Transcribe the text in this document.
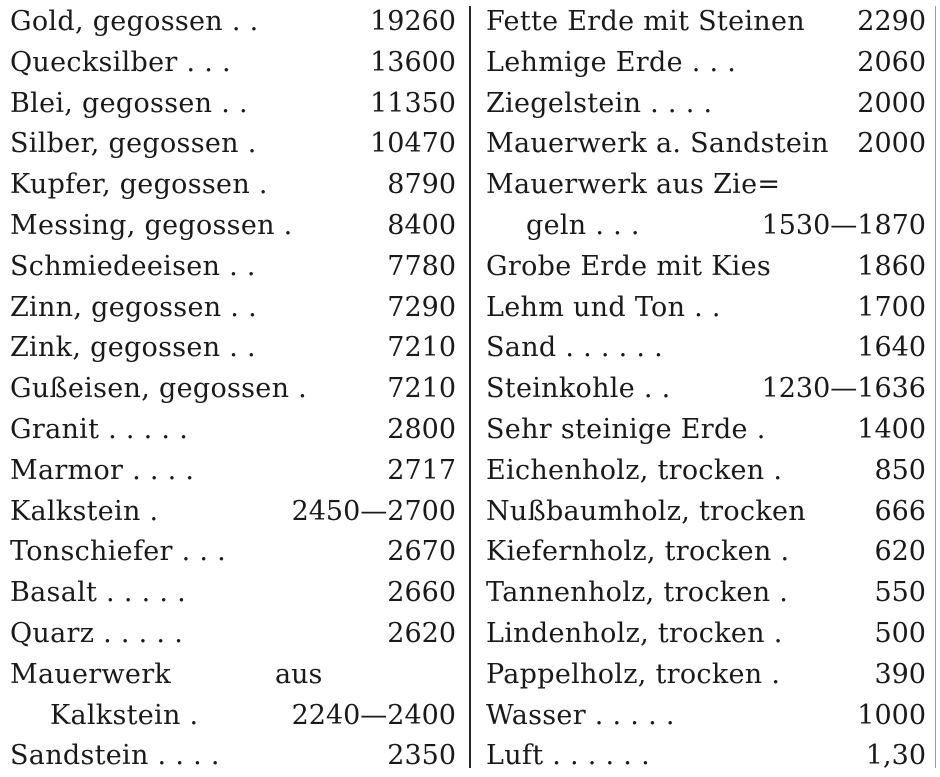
Gold, gegossen . .	19260
Quecksilber . . .	13600
Blei, gegossen . .	11350
Silber, gegossen .	10470
Kupfer, gegossen .	8790
Messing, gegossen .	8400
Schmiedeeisen . .	7780
Zinn, gegossen . .	7290
Zink, gegossen . .	7210
Gußeisen, gegossen .	7210
Granit . . . . .	2800
Marmor . . . .	2717
Kalkstein .	2450—2700
Tonschiefer . . .	2670
Basalt . . . . .	2660
Quarz . . . . .	2620
Mauerwerk	aus
Kalkstein .	2240—2400
Sandstein . . . .	2350
Fette Erde mit Steinen 2290
Lehmige Erde . . .	2060
Ziegelstein . . . .	2000
Mauerwerk a. Sandstein 2000
Mauerwerk aus Zie=
geln . . .	1530—1870
Grobe Erde mit Kies	1860
Lehm und Ton . .	1700
Sand . . . . . .	1640
Steinkohle . .	1230—1636
Sehr steinige Erde .	1400
Eichenholz, trocken .	850
Nußbaumholz, trocken	666
Kiefernholz, trocken .	620
Tannenholz, trocken .	550
Lindenholz, trocken .	500
Pappelholz, trocken .	390
Wasser . . . . .	1000
Luft . . . . . .	1,30
